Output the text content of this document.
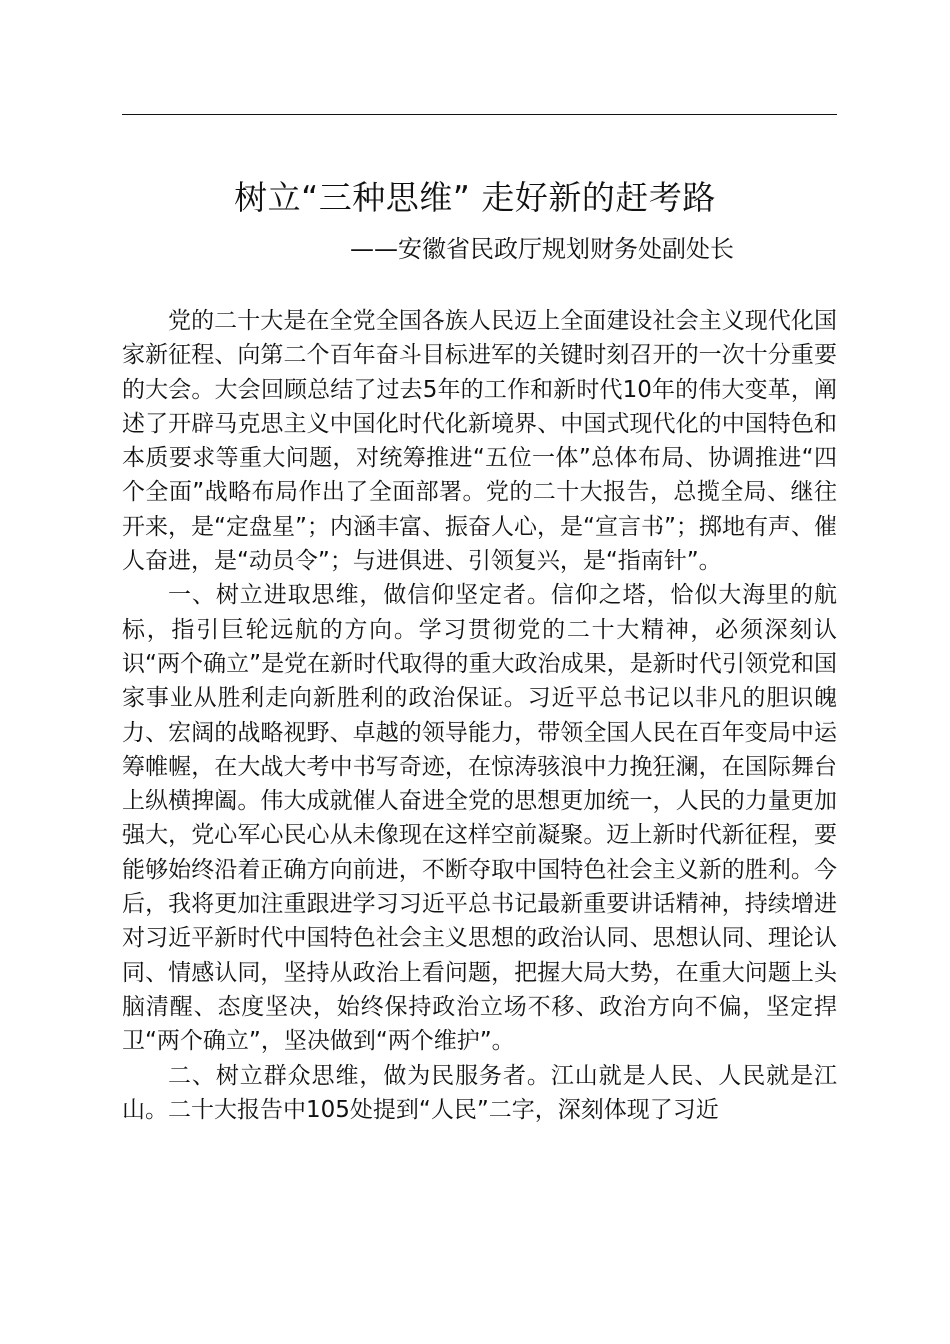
树立“三种思维” 走好新的赶考路
——安徽省民政厅规划财务处副处长

党的二十大是在全党全国各族人民迈上全面建设社会主义现代化国家新征程、向第二个百年奋斗目标进军的关键时刻召开的一次十分重要的大会。大会回顾总结了过去5年的工作和新时代10年的伟大变革，阐述了开辟马克思主义中国化时代化新境界、中国式现代化的中国特色和本质要求等重大问题，对统筹推进“五位一体”总体布局、协调推进“四个全面”战略布局作出了全面部署。党的二十大报告，总揽全局、继往开来，是“定盘星”；内涵丰富、振奋人心，是“宣言书”；掷地有声、催人奋进，是“动员令”；与进俱进、引领复兴，是“指南针”。

一、树立进取思维，做信仰坚定者。信仰之塔，恰似大海里的航标，指引巨轮远航的方向。学习贯彻党的二十大精神，必须深刻认识“两个确立”是党在新时代取得的重大政治成果，是新时代引领党和国家事业从胜利走向新胜利的政治保证。习近平总书记以非凡的胆识魄力、宏阔的战略视野、卓越的领导能力，带领全国人民在百年变局中运筹帷幄，在大战大考中书写奇迹，在惊涛骇浪中力挽狂澜，在国际舞台上纵横捭阖。伟大成就催人奋进全党的思想更加统一，人民的力量更加强大，党心军心民心从未像现在这样空前凝聚。迈上新时代新征程，要能够始终沿着正确方向前进，不断夺取中国特色社会主义新的胜利。今后，我将更加注重跟进学习习近平总书记最新重要讲话精神，持续增进对习近平新时代中国特色社会主义思想的政治认同、思想认同、理论认同、情感认同，坚持从政治上看问题，把握大局大势，在重大问题上头脑清醒、态度坚决，始终保持政治立场不移、政治方向不偏，坚定捍卫“两个确立”，坚决做到“两个维护”。

二、树立群众思维，做为民服务者。江山就是人民、人民就是江山。二十大报告中105处提到“人民”二字，深刻体现了习近
